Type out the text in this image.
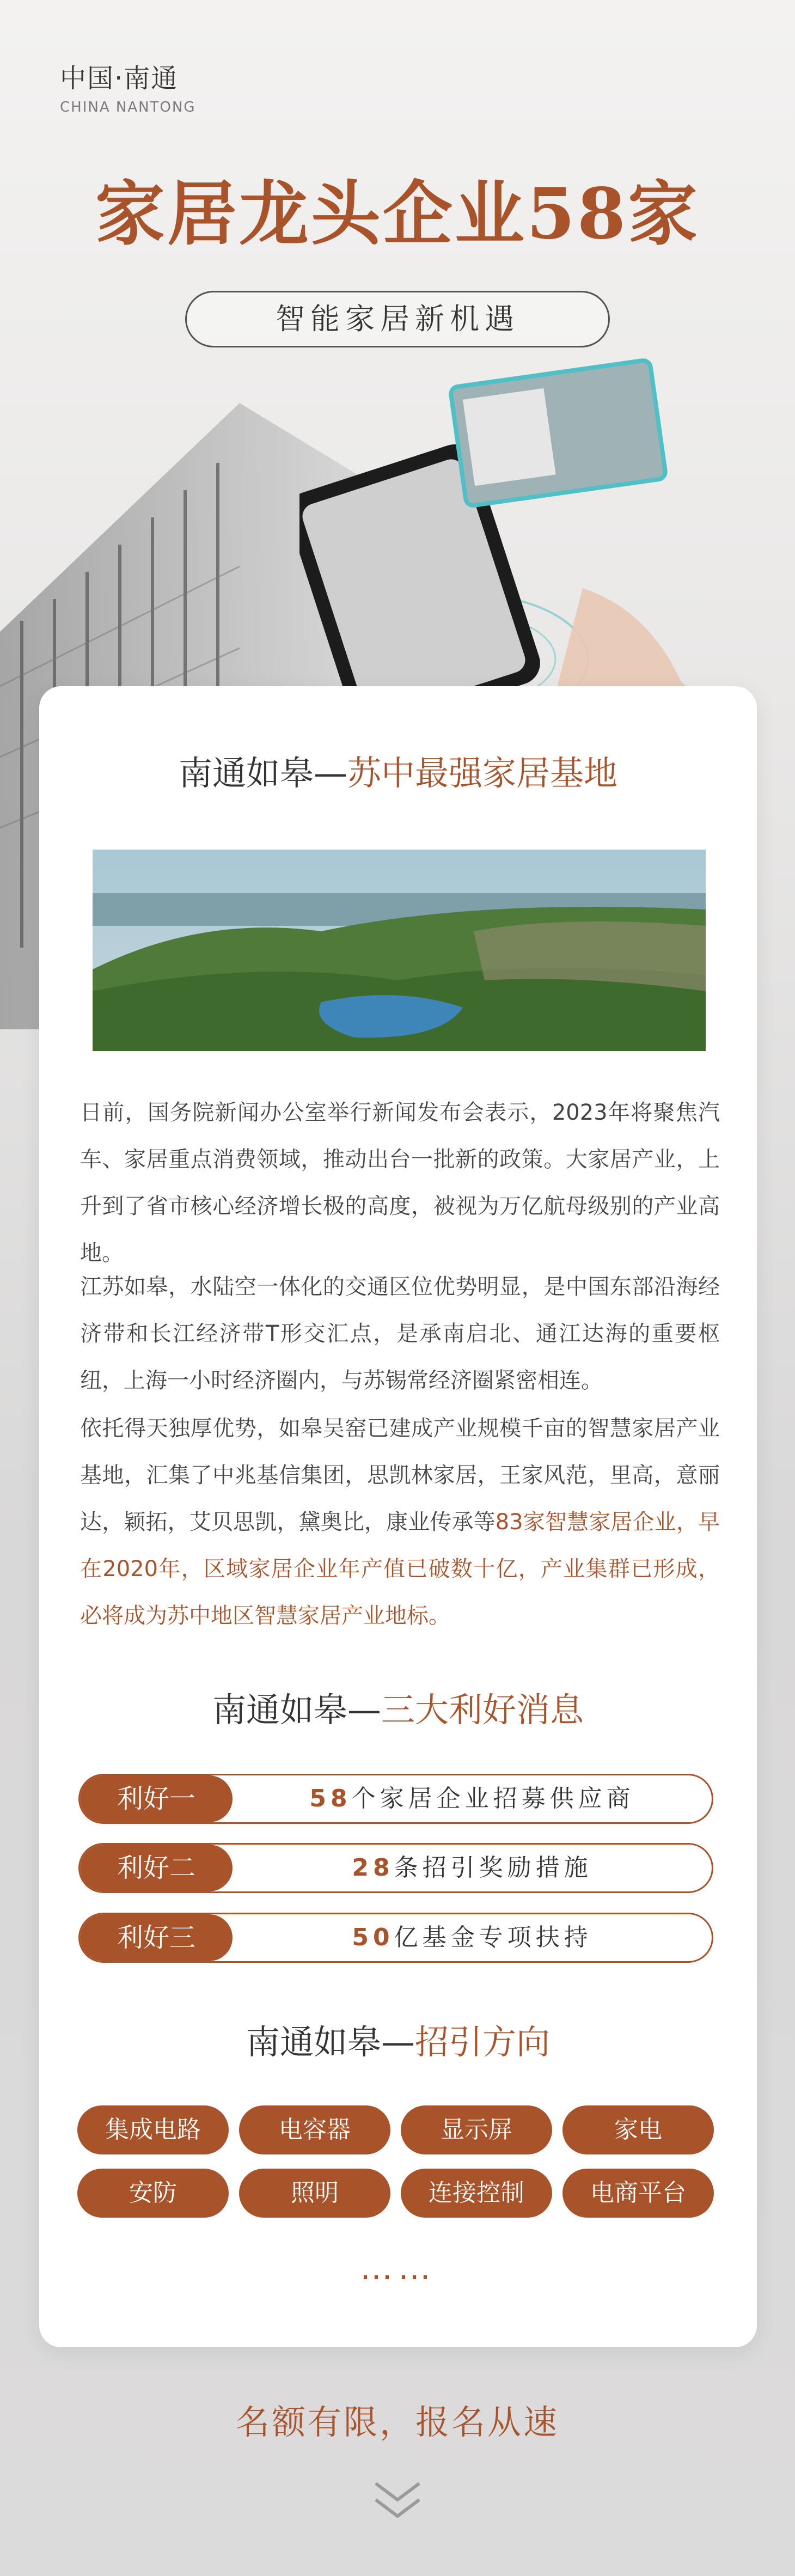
中国·南通
CHINA NANTONG
家居龙头企业58家
智能家居新机遇
南通如皋—苏中最强家居基地
日前，国务院新闻办公室举行新闻发布会表示，2023年将聚焦汽车、家居重点消费领域，推动出台一批新的政策。大家居产业，上升到了省市核心经济增长极的高度，被视为万亿航母级别的产业高地。
江苏如皋，水陆空一体化的交通区位优势明显，是中国东部沿海经济带和长江经济带T形交汇点，是承南启北、通江达海的重要枢纽，上海一小时经济圈内，与苏锡常经济圈紧密相连。
依托得天独厚优势，如皋吴窑已建成产业规模千亩的智慧家居产业基地，汇集了中兆基信集团，思凯林家居，王家风范，里高，意丽达，颖拓，艾贝思凯，黛奥比，康业传承等83家智慧家居企业，早在2020年，区域家居企业年产值已破数十亿，产业集群已形成，必将成为苏中地区智慧家居产业地标。
南通如皋—三大利好消息
利好一	58个家居企业招募供应商
利好二	28条招引奖励措施
利好三	50亿基金专项扶持
南通如皋—招引方向
集成电路	电容器	显示屏	家电
安防	照明	连接控制	电商平台
……
名额有限，报名从速
